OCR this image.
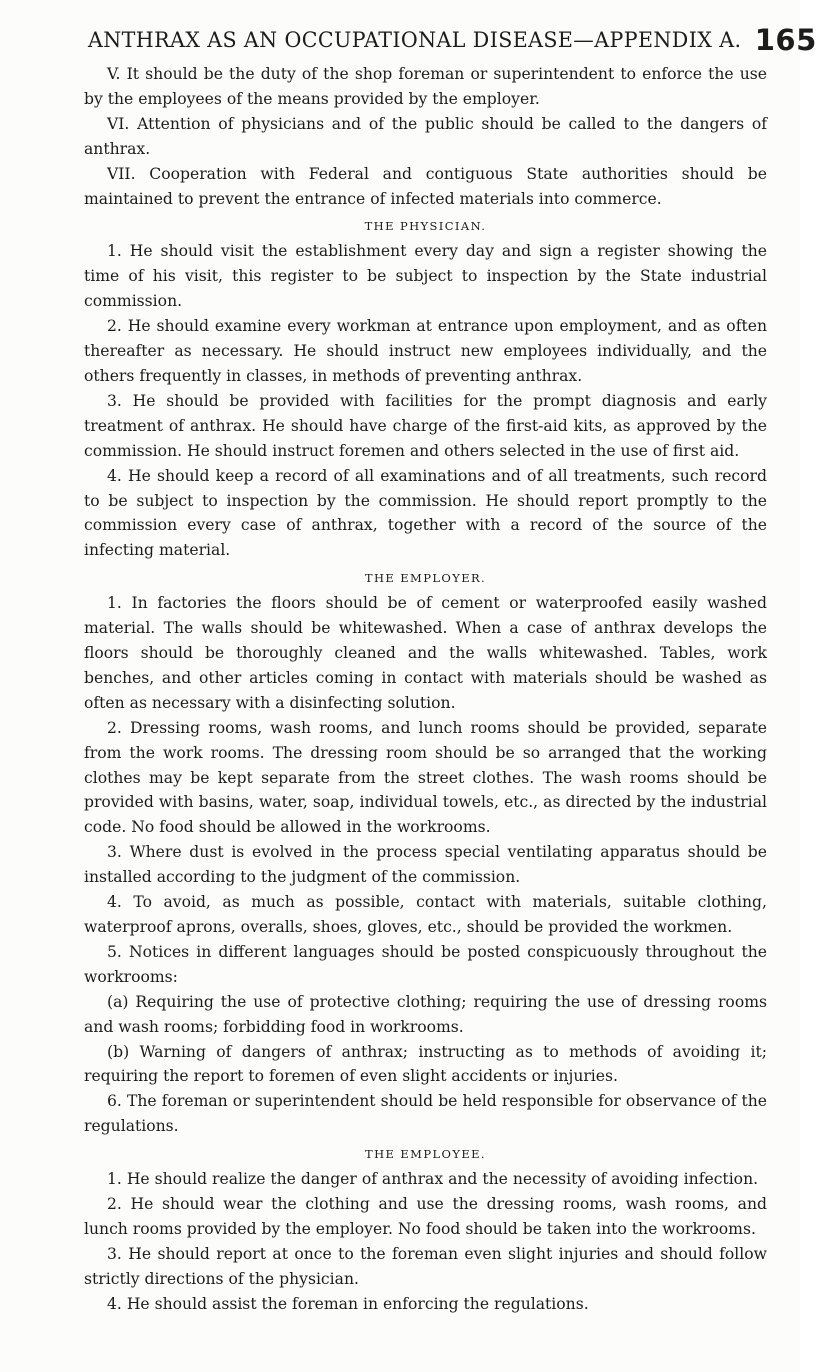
ANTHRAX AS AN OCCUPATIONAL DISEASE—APPENDIX A. 165

V. It should be the duty of the shop foreman or superintendent to enforce the use by the employees of the means provided by the employer.

VI. Attention of physicians and of the public should be called to the dangers of anthrax.

VII. Cooperation with Federal and contiguous State authorities should be maintained to prevent the entrance of infected materials into commerce.

THE PHYSICIAN.

1. He should visit the establishment every day and sign a register showing the time of his visit, this register to be subject to inspection by the State industrial commission.

2. He should examine every workman at entrance upon employment, and as often thereafter as necessary. He should instruct new employees individually, and the others frequently in classes, in methods of preventing anthrax.

3. He should be provided with facilities for the prompt diagnosis and early treatment of anthrax. He should have charge of the first-aid kits, as approved by the commission. He should instruct foremen and others selected in the use of first aid.

4. He should keep a record of all examinations and of all treatments, such record to be subject to inspection by the commission. He should report promptly to the commission every case of anthrax, together with a record of the source of the infecting material.

THE EMPLOYER.

1. In factories the floors should be of cement or waterproofed easily washed material. The walls should be whitewashed. When a case of anthrax develops the floors should be thoroughly cleaned and the walls whitewashed. Tables, work benches, and other articles coming in contact with materials should be washed as often as necessary with a disinfecting solution.

2. Dressing rooms, wash rooms, and lunch rooms should be provided, separate from the work rooms. The dressing room should be so arranged that the working clothes may be kept separate from the street clothes. The wash rooms should be provided with basins, water, soap, individual towels, etc., as directed by the industrial code. No food should be allowed in the workrooms.

3. Where dust is evolved in the process special ventilating apparatus should be installed according to the judgment of the commission.

4. To avoid, as much as possible, contact with materials, suitable clothing, waterproof aprons, overalls, shoes, gloves, etc., should be provided the workmen.

5. Notices in different languages should be posted conspicuously throughout the workrooms:

(a) Requiring the use of protective clothing; requiring the use of dressing rooms and wash rooms; forbidding food in workrooms.

(b) Warning of dangers of anthrax; instructing as to methods of avoiding it; requiring the report to foremen of even slight accidents or injuries.

6. The foreman or superintendent should be held responsible for observance of the regulations.

THE EMPLOYEE.

1. He should realize the danger of anthrax and the necessity of avoiding infection.

2. He should wear the clothing and use the dressing rooms, wash rooms, and lunch rooms provided by the employer. No food should be taken into the workrooms.

3. He should report at once to the foreman even slight injuries and should follow strictly directions of the physician.

4. He should assist the foreman in enforcing the regulations.
